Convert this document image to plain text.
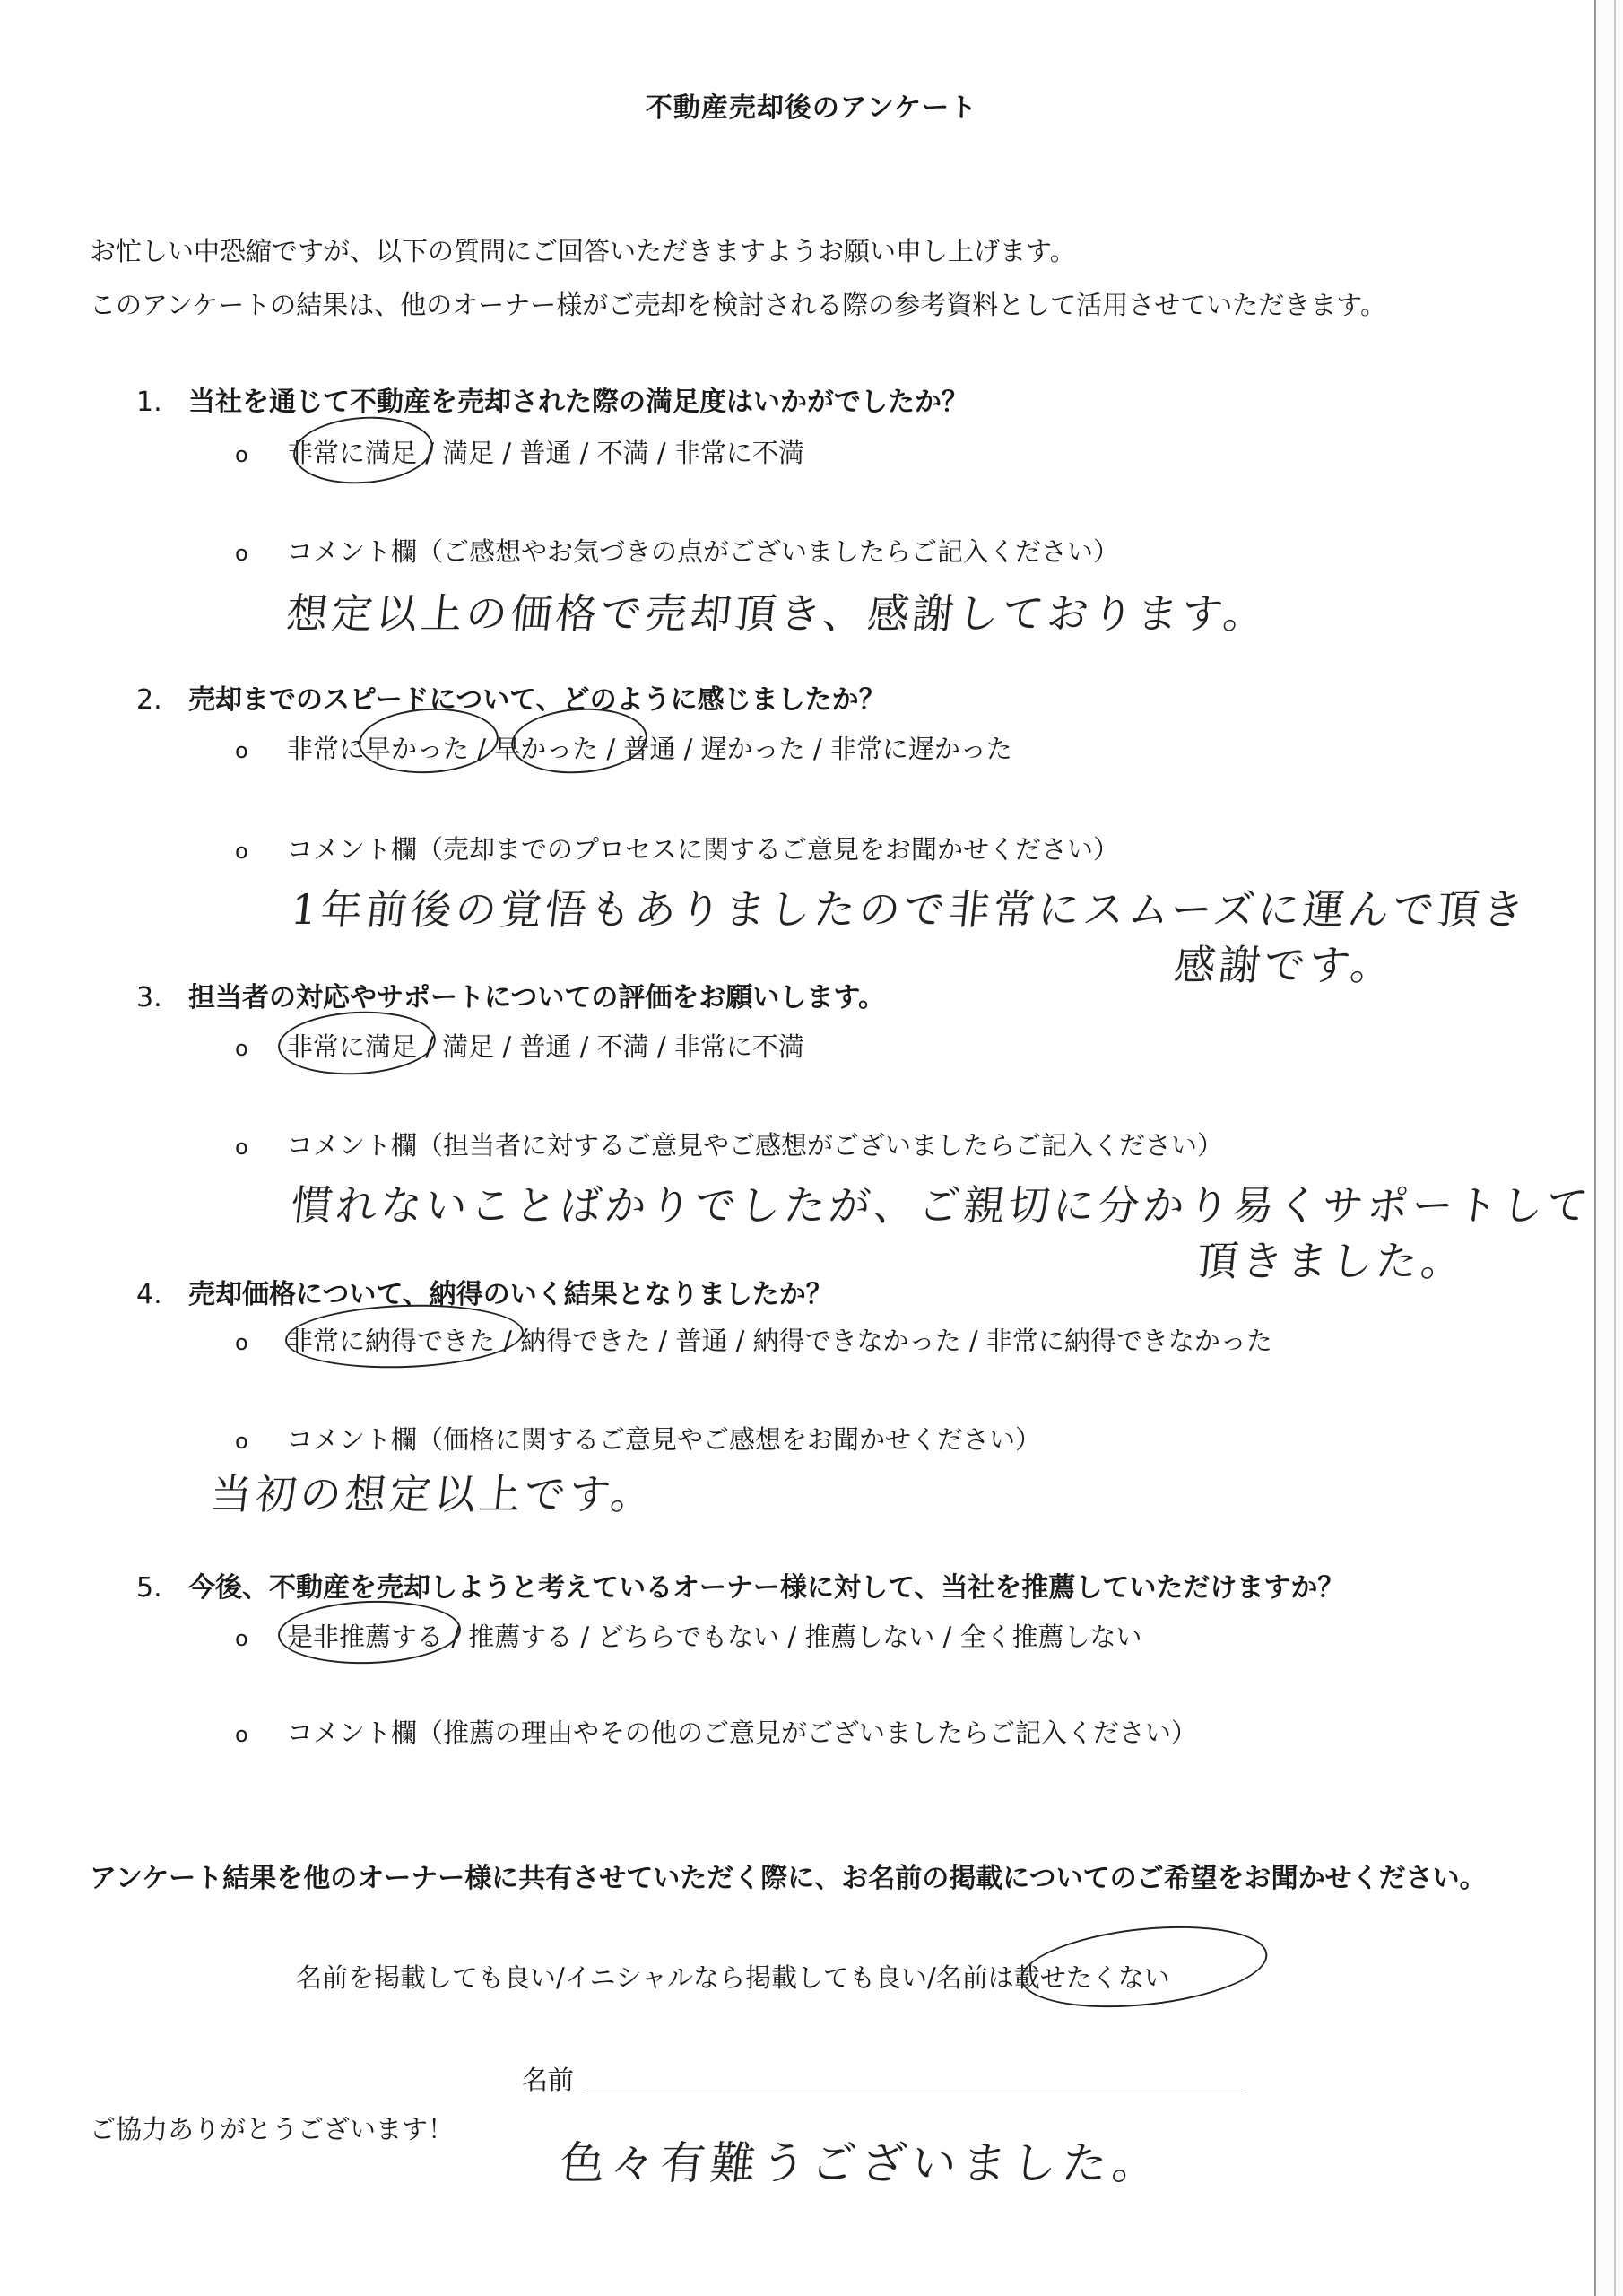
不動産売却後のアンケート
お忙しい中恐縮ですが、以下の質問にご回答いただきますようお願い申し上げます。
このアンケートの結果は、他のオーナー様がご売却を検討される際の参考資料として活用させていただきます。
1. 当社を通じて不動産を売却された際の満足度はいかがでしたか？
o 非常に満足 / 満足 / 普通 / 不満 / 非常に不満
o コメント欄（ご感想やお気づきの点がございましたらご記入ください）
想定以上の価格で売却頂き、感謝しております。
2. 売却までのスピードについて、どのように感じましたか？
o 非常に早かった / 早かった / 普通 / 遅かった / 非常に遅かった
o コメント欄（売却までのプロセスに関するご意見をお聞かせください）
1年前後の覚悟もありましたので非常にスムーズに運んで頂き
感謝です。
3. 担当者の対応やサポートについての評価をお願いします。
o 非常に満足 / 満足 / 普通 / 不満 / 非常に不満
o コメント欄（担当者に対するご意見やご感想がございましたらご記入ください）
慣れないことばかりでしたが、ご親切に分かり易くサポートして
頂きました。
4. 売却価格について、納得のいく結果となりましたか？
o 非常に納得できた / 納得できた / 普通 / 納得できなかった / 非常に納得できなかった
o コメント欄（価格に関するご意見やご感想をお聞かせください）
当初の想定以上です。
5. 今後、不動産を売却しようと考えているオーナー様に対して、当社を推薦していただけますか？
o 是非推薦する / 推薦する / どちらでもない / 推薦しない / 全く推薦しない
o コメント欄（推薦の理由やその他のご意見がございましたらご記入ください）
アンケート結果を他のオーナー様に共有させていただく際に、お名前の掲載についてのご希望をお聞かせください。
名前を掲載しても良い/イニシャルなら掲載しても良い/名前は載せたくない
名前
ご協力ありがとうございます！
色々有難うございました。
